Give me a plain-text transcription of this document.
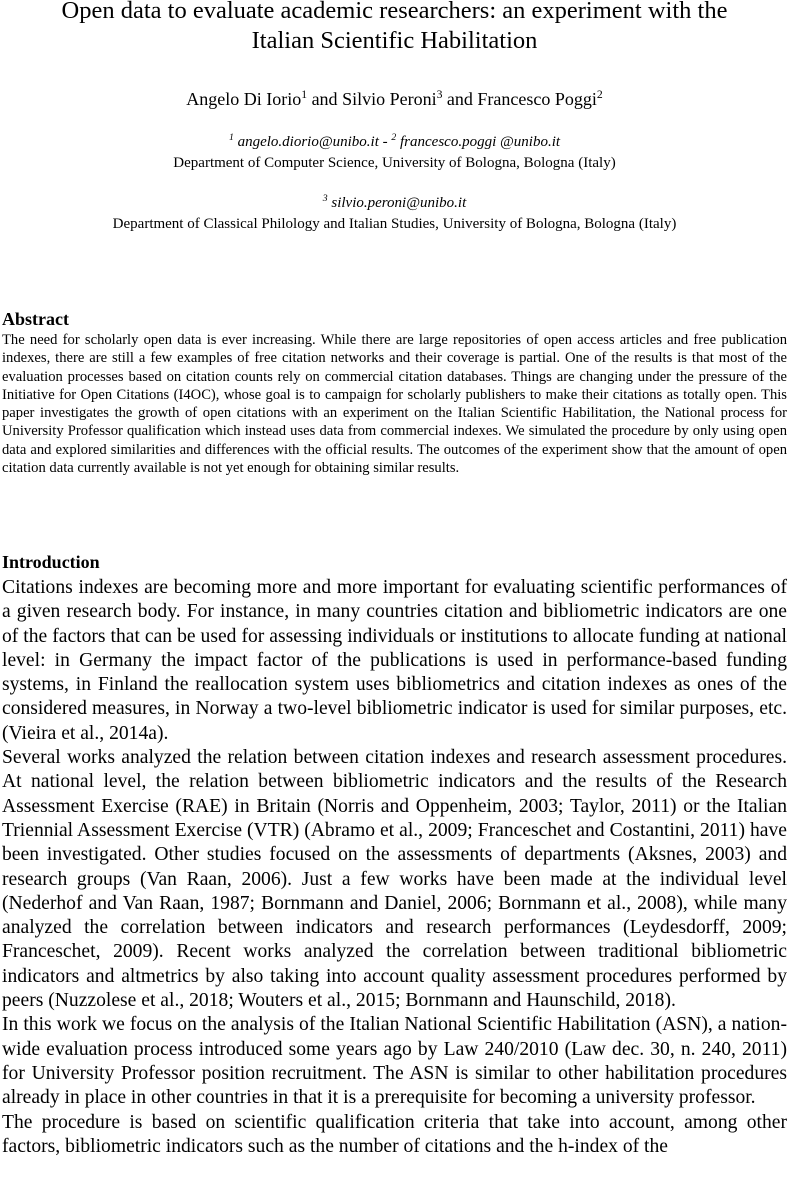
Open data to evaluate academic researchers: an experiment with the
Italian Scientific Habilitation
Angelo Di Iorio$^1$ and Silvio Peroni$^3$ and Francesco Poggi$^2$
$^1$ angelo.diorio@unibo.it - $^2$ francesco.poggi @unibo.it
Department of Computer Science, University of Bologna, Bologna (Italy)
$^3$ silvio.peroni@unibo.it
Department of Classical Philology and Italian Studies, University of Bologna, Bologna (Italy)
Abstract
The need for scholarly open data is ever increasing. While there are large repositories of open access articles and free publication indexes, there are still a few examples of free citation networks and their coverage is partial. One of the results is that most of the evaluation processes based on citation counts rely on commercial citation databases. Things are changing under the pressure of the Initiative for Open Citations (I4OC), whose goal is to campaign for scholarly publishers to make their citations as totally open. This paper investigates the growth of open citations with an experiment on the Italian Scientific Habilitation, the National process for University Professor qualification which instead uses data from commercial indexes. We simulated the procedure by only using open data and explored similarities and differences with the official results. The outcomes of the experiment show that the amount of open citation data currently available is not yet enough for obtaining similar results.
Introduction

Citations indexes are becoming more and more important for evaluating scientific performances of a given research body. For instance, in many countries citation and bibliometric indicators are one of the factors that can be used for assessing individuals or institutions to allocate funding at national level: in Germany the impact factor of the publications is used in performance-based funding systems, in Finland the reallocation system uses bibliometrics and citation indexes as ones of the considered measures, in Norway a two-level bibliometric indicator is used for similar purposes, etc. (Vieira et al., 2014a).

Several works analyzed the relation between citation indexes and research assessment procedures. At national level, the relation between bibliometric indicators and the results of the Research Assessment Exercise (RAE) in Britain (Norris and Oppenheim, 2003; Taylor, 2011) or the Italian Triennial Assessment Exercise (VTR) (Abramo et al., 2009; Franceschet and Costantini, 2011) have been investigated. Other studies focused on the assessments of departments (Aksnes, 2003) and research groups (Van Raan, 2006). Just a few works have been made at the individual level (Nederhof and Van Raan, 1987; Bornmann and Daniel, 2006; Bornmann et al., 2008), while many analyzed the correlation between indicators and research performances (Leydesdorff, 2009; Franceschet, 2009). Recent works analyzed the correlation between traditional bibliometric indicators and altmetrics by also taking into account quality assessment procedures performed by peers (Nuzzolese et al., 2018; Wouters et al., 2015; Bornmann and Haunschild, 2018).

In this work we focus on the analysis of the Italian National Scientific Habilitation (ASN), a nation-wide evaluation process introduced some years ago by Law 240/2010 (Law dec. 30, n. 240, 2011) for University Professor position recruitment. The ASN is similar to other habilitation procedures already in place in other countries in that it is a prerequisite for becoming a university professor.

The procedure is based on scientific qualification criteria that take into account, among other factors, bibliometric indicators such as the number of citations and the h-index of the
